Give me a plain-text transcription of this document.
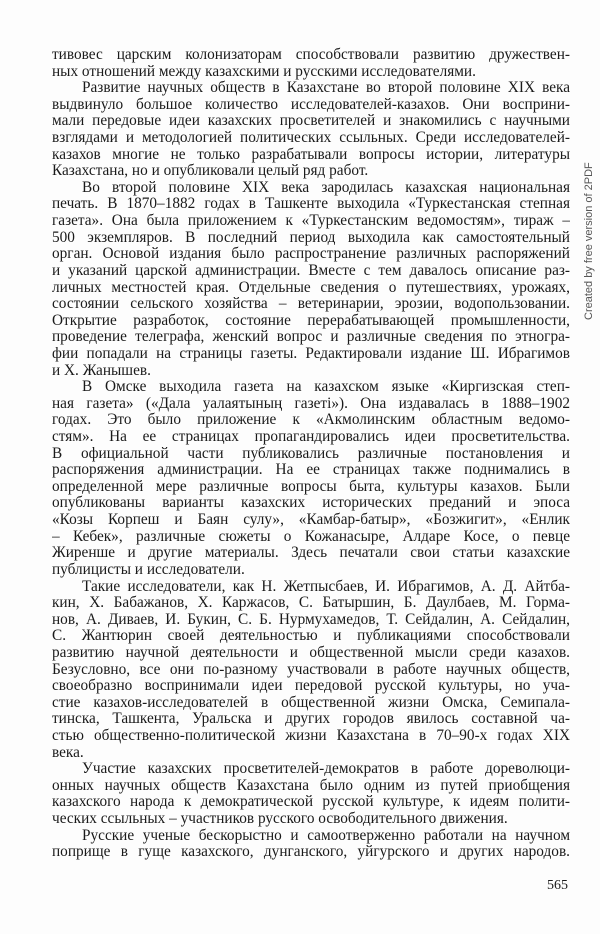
тивовес царским колонизаторам способствовали развитию дружествен-
ных отношений между казахскими и русскими исследователями.
Развитие научных обществ в Казахстане во второй половине XIX века
выдвинуло большое количество исследователей-казахов. Они восприни-
мали передовые идеи казахских просветителей и знакомились с научными
взглядами и методологией политических ссыльных. Среди исследователей-
казахов многие не только разрабатывали вопросы истории, литературы
Казахстана, но и опубликовали целый ряд работ.
Во второй половине XIX века зародилась казахская национальная
печать. В 1870–1882 годах в Ташкенте выходила «Туркестанская степная
газета». Она была приложением к «Туркестанским ведомостям», тираж –
500 экземпляров. В последний период выходила как самостоятельный
орган. Основой издания было распространение различных распоряжений
и указаний царской администрации. Вместе с тем давалось описание раз-
личных местностей края. Отдельные сведения о путешествиях, урожаях,
состоянии сельского хозяйства – ветеринарии, эрозии, водопользовании.
Открытие разработок, состояние перерабатывающей промышленности,
проведение телеграфа, женский вопрос и различные сведения по этногра-
фии попадали на страницы газеты. Редактировали издание Ш. Ибрагимов
и Х. Жанышев.
В Омске выходила газета на казахском языке «Киргизская степ-
ная газета» («Дала уалаятының газеті»). Она издавалась в 1888–1902
годах. Это было приложение к «Акмолинским областным ведомо-
стям». На ее страницах пропагандировались идеи просветительства.
В официальной части публиковались различные постановления и
распоряжения администрации. На ее страницах также поднимались в
определенной мере различные вопросы быта, культуры казахов. Были
опубликованы варианты казахских исторических преданий и эпоса
«Козы Корпеш и Баян сулу», «Камбар-батыр», «Бозжигит», «Енлик
– Кебек», различные сюжеты о Кожанасыре, Алдаре Косе, о певце
Жиренше и другие материалы. Здесь печатали свои статьи казахские
публицисты и исследователи.
Такие исследователи, как Н. Жетпысбаев, И. Ибрагимов, А. Д. Айтба-
кин, Х. Бабажанов, Х. Каржасов, С. Батыршин, Б. Даулбаев, М. Горма-
нов, А. Диваев, И. Букин, С. Б. Нурмухамедов, Т. Сейдалин, А. Сейдалин,
С. Жантюрин своей деятельностью и публикациями способствовали
развитию научной деятельности и общественной мысли среди казахов.
Безусловно, все они по-разному участвовали в работе научных обществ,
своеобразно воспринимали идеи передовой русской культуры, но уча-
стие казахов-исследователей в общественной жизни Омска, Семипала-
тинска, Ташкента, Уральска и других городов явилось составной ча-
стью общественно-политической жизни Казахстана в 70–90-х годах XIX
века.
Участие казахских просветителей-демократов в работе дореволюци-
онных научных обществ Казахстана было одним из путей приобщения
казахского народа к демократической русской культуре, к идеям полити-
ческих ссыльных – участников русского освободительного движения.
Русские ученые бескорыстно и самоотверженно работали на научном
поприще в гуще казахского, дунганского, уйгурского и других народов.
565
Created by free version of 2PDF
